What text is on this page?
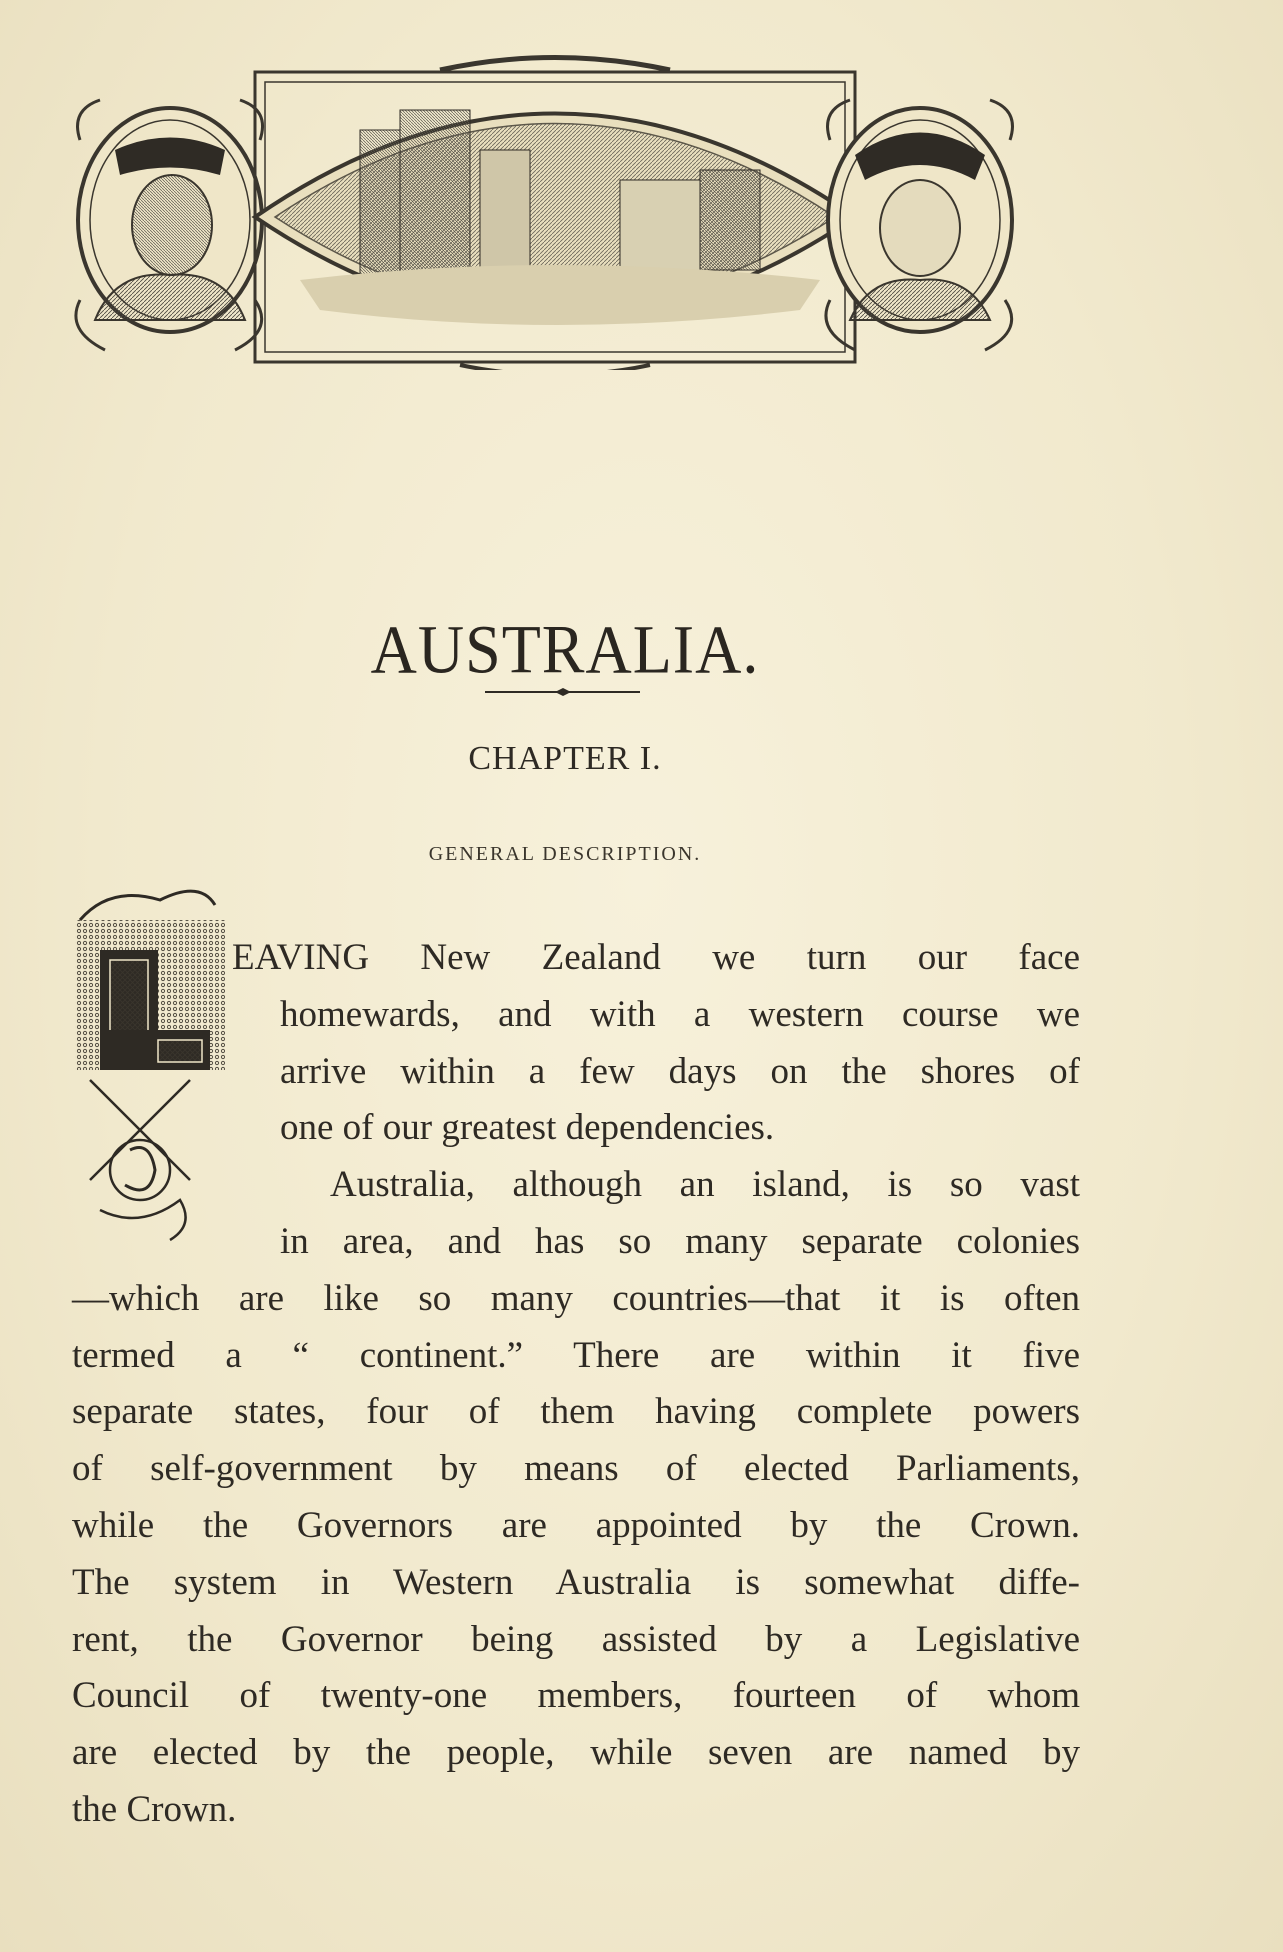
AUSTRALIA.
CHAPTER I.
GENERAL DESCRIPTION.
EAVING New Zealand we turn our face
homewards, and with a western course we
arrive within a few days on the shores of
one of our greatest dependencies.
Australia, although an island, is so vast
in area, and has so many separate colonies
—which are like so many countries—that it is often
termed a “ continent.” There are within it five
separate states, four of them having complete powers
of self-government by means of elected Parliaments,
while the Governors are appointed by the Crown.
The system in Western Australia is somewhat diffe-
rent, the Governor being assisted by a Legislative
Council of twenty-one members, fourteen of whom
are elected by the people, while seven are named by
the Crown.
